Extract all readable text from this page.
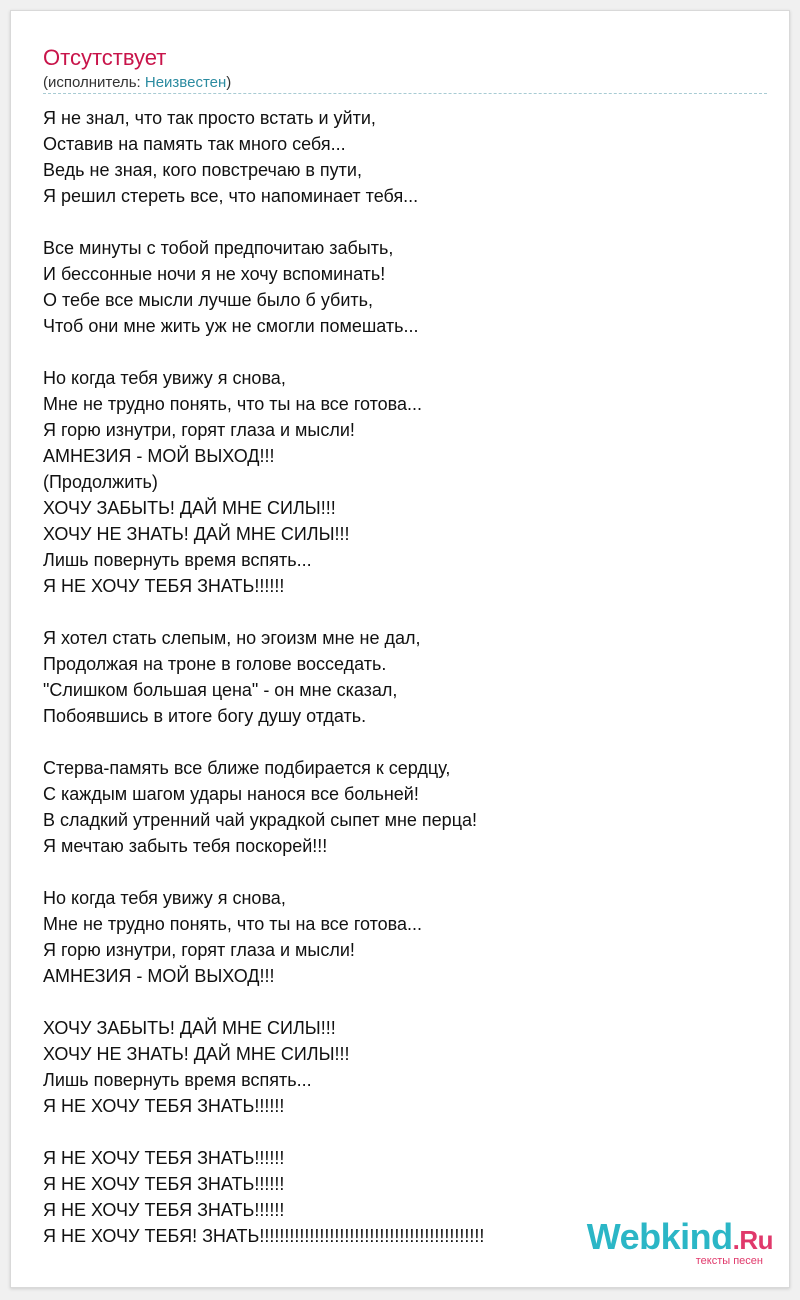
Отсутствует
(исполнитель: Неизвестен)
Я не знал, что так просто встать и уйти,
Оставив на память так много себя...
Ведь не зная, кого повстречаю в пути,
Я решил стереть все, что напоминает тебя...
Все минуты с тобой предпочитаю забыть,
И бессонные ночи я не хочу вспоминать!
О тебе все мысли лучше было б убить,
Чтоб они мне жить уж не смогли помешать...
Но когда тебя увижу я снова,
Мне не трудно понять, что ты на все готова...
Я горю изнутри, горят глаза и мысли!
АМНЕЗИЯ - МОЙ ВЫХОД!!!
(Продолжить)
ХОЧУ ЗАБЫТЬ! ДАЙ МНЕ СИЛЫ!!!
ХОЧУ НЕ ЗНАТЬ! ДАЙ МНЕ СИЛЫ!!!
Лишь повернуть время вспять...
Я НЕ ХОЧУ ТЕБЯ ЗНАТЬ!!!!!!
Я хотел стать слепым, но эгоизм мне не дал,
Продолжая на троне в голове восседать.
"Слишком большая цена" - он мне сказал,
Побоявшись в итоге богу душу отдать.
Стерва-память все ближе подбирается к сердцу,
С каждым шагом удары нанося все больней!
В сладкий утренний чай украдкой сыпет мне перца!
Я мечтаю забыть тебя поскорей!!!
Но когда тебя увижу я снова,
Мне не трудно понять, что ты на все готова...
Я горю изнутри, горят глаза и мысли!
АМНЕЗИЯ - МОЙ ВЫХОД!!!
ХОЧУ ЗАБЫТЬ! ДАЙ МНЕ СИЛЫ!!!
ХОЧУ НЕ ЗНАТЬ! ДАЙ МНЕ СИЛЫ!!!
Лишь повернуть время вспять...
Я НЕ ХОЧУ ТЕБЯ ЗНАТЬ!!!!!!
Я НЕ ХОЧУ ТЕБЯ ЗНАТЬ!!!!!!
Я НЕ ХОЧУ ТЕБЯ ЗНАТЬ!!!!!!
Я НЕ ХОЧУ ТЕБЯ ЗНАТЬ!!!!!!
Я НЕ ХОЧУ ТЕБЯ! ЗНАТЬ!!!!!!!!!!!!!!!!!!!!!!!!!!!!!!!!!!!!!!!!!!!!!	Webkind.Ru
тексты песен
